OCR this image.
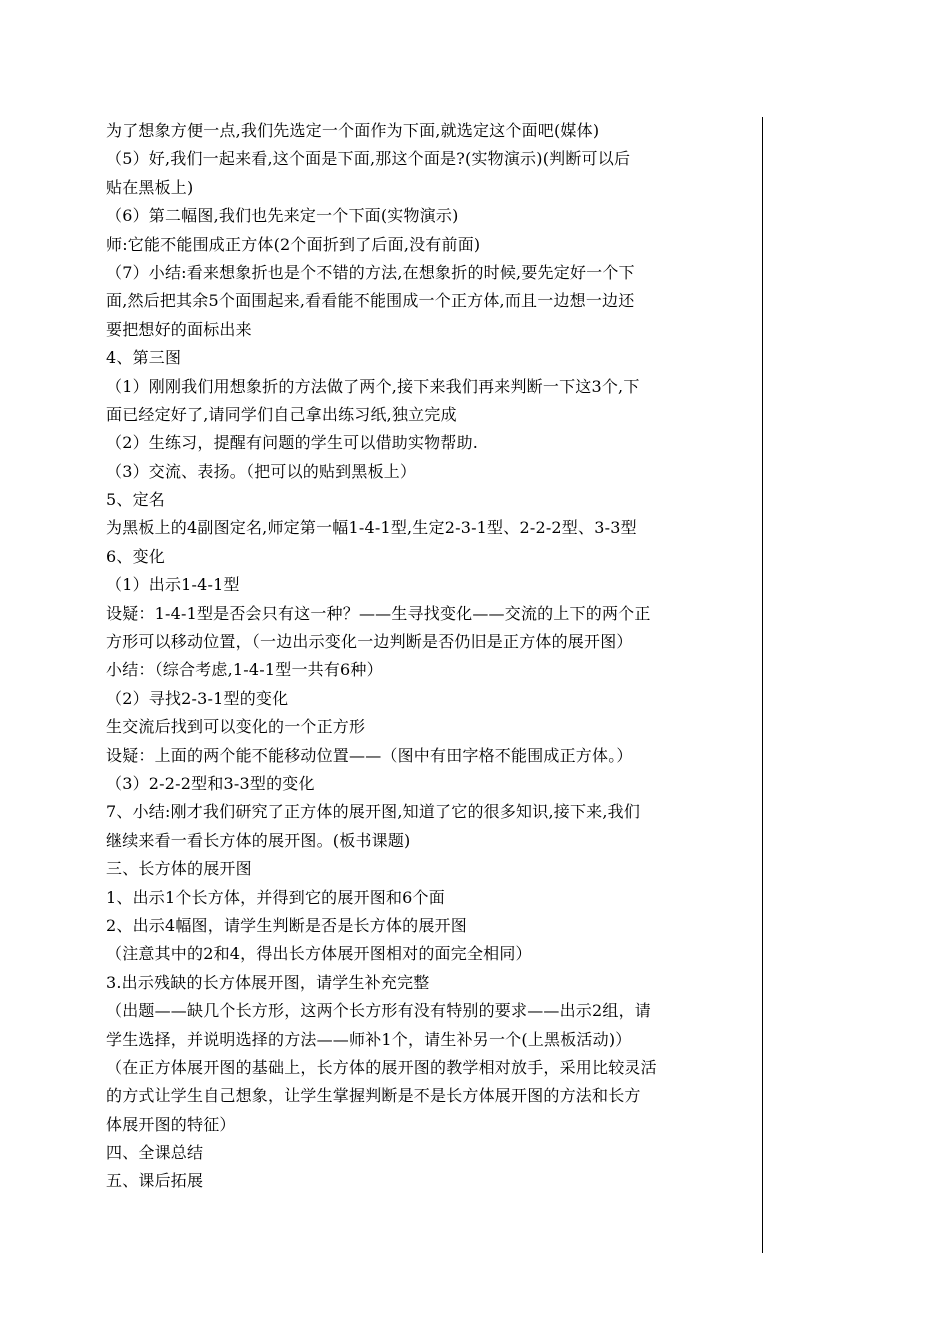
为了想象方便一点,我们先选定一个面作为下面,就选定这个面吧(媒体)
（5）好,我们一起来看,这个面是下面,那这个面是?(实物演示)(判断可以后
贴在黑板上)
（6）第二幅图,我们也先来定一个下面(实物演示)
师:它能不能围成正方体(2个面折到了后面,没有前面)
（7）小结:看来想象折也是个不错的方法,在想象折的时候,要先定好一个下
面,然后把其余5个面围起来,看看能不能围成一个正方体,而且一边想一边还
要把想好的面标出来
4、第三图
（1）刚刚我们用想象折的方法做了两个,接下来我们再来判断一下这3个,下
面已经定好了,请同学们自己拿出练习纸,独立完成
（2）生练习，提醒有问题的学生可以借助实物帮助.
（3）交流、表扬。（把可以的贴到黑板上）
5、定名
为黑板上的4副图定名,师定第一幅1-4-1型,生定2-3-1型、2-2-2型、3-3型
6、变化
（1）出示1-4-1型
设疑：1-4-1型是否会只有这一种？——生寻找变化——交流的上下的两个正
方形可以移动位置，（一边出示变化一边判断是否仍旧是正方体的展开图）
小结：（综合考虑,1-4-1型一共有6种）
（2）寻找2-3-1型的变化
生交流后找到可以变化的一个正方形
设疑：上面的两个能不能移动位置——（图中有田字格不能围成正方体。）
（3）2-2-2型和3-3型的变化
7、小结:刚才我们研究了正方体的展开图,知道了它的很多知识,接下来,我们
继续来看一看长方体的展开图。(板书课题)
三、长方体的展开图
1、出示1个长方体，并得到它的展开图和6个面
2、出示4幅图，请学生判断是否是长方体的展开图
（注意其中的2和4，得出长方体展开图相对的面完全相同）
3.出示残缺的长方体展开图，请学生补充完整
（出题——缺几个长方形，这两个长方形有没有特别的要求——出示2组，请
学生选择，并说明选择的方法——师补1个，请生补另一个(上黑板活动)）
（在正方体展开图的基础上，长方体的展开图的教学相对放手，采用比较灵活
的方式让学生自己想象，让学生掌握判断是不是长方体展开图的方法和长方
体展开图的特征）
四、全课总结
五、课后拓展
